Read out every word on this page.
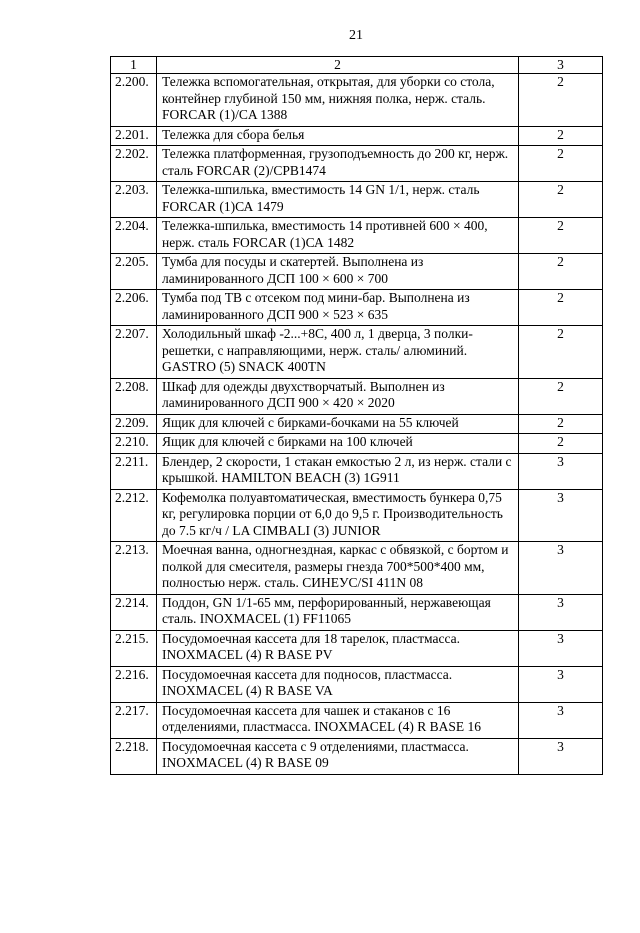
21
1	2	3
2.200.	Тележка вспомогательная, открытая, для уборки со стола, контейнер глубиной 150 мм, нижняя полка, нерж. сталь. FORCAR (1)/CA 1388	2
2.201.	Тележка для сбора белья	2
2.202.	Тележка платформенная, грузоподъемность до 200 кг, нерж. сталь FORCAR (2)/СРВ1474	2
2.203.	Тележка-шпилька, вместимость 14 GN 1/1, нерж. сталь FORCAR (1)СА 1479	2
2.204.	Тележка-шпилька, вместимость 14 противней 600 × 400, нерж. сталь FORCAR (1)СА 1482	2
2.205.	Тумба для посуды и скатертей. Выполнена из ламинированного ДСП 100 × 600 × 700	2
2.206.	Тумба под ТВ с отсеком под мини-бар. Выполнена из ламинированного ДСП 900 × 523 × 635	2
2.207.	Холодильный шкаф -2...+8С, 400 л, 1 дверца, 3 полки-решетки, с направляющими, нерж. сталь/ алюминий. GASTRO (5) SNACK 400TN	2
2.208.	Шкаф для одежды двухстворчатый. Выполнен из ламинированного ДСП 900 × 420 × 2020	2
2.209.	Ящик для ключей с бирками-бочками на 55 ключей	2
2.210.	Ящик для ключей с бирками на 100 ключей	2
2.211.	Блендер, 2 скорости, 1 стакан емкостью 2 л, из нерж. стали с крышкой. HAMILTON BEACH (3) 1G911	3
2.212.	Кофемолка полуавтоматическая, вместимость бункера 0,75 кг, регулировка порции от 6,0 до 9,5 г. Производительность до 7.5 кг/ч / LA CIMBALI (3) JUNIOR	3
2.213.	Моечная ванна, одногнездная, каркас с обвязкой, с бортом и полкой для смесителя, размеры гнезда 700*500*400 мм, полностью нерж. сталь. СИНЕУС/SI 411N 08	3
2.214.	Поддон, GN 1/1-65 мм, перфорированный, нержавеющая сталь. INOXMACEL (1) FF11065	3
2.215.	Посудомоечная кассета для 18 тарелок, пластмасса. INOXMACEL (4) R BASE PV	3
2.216.	Посудомоечная кассета для подносов, пластмасса. INOXMACEL (4) R BASE VA	3
2.217.	Посудомоечная кассета для чашек и стаканов с 16 отделениями, пластмасса. INOXMACEL (4) R BASE 16	3
2.218.	Посудомоечная кассета с 9 отделениями, пластмасса. INOXMACEL (4) R BASE 09	3
